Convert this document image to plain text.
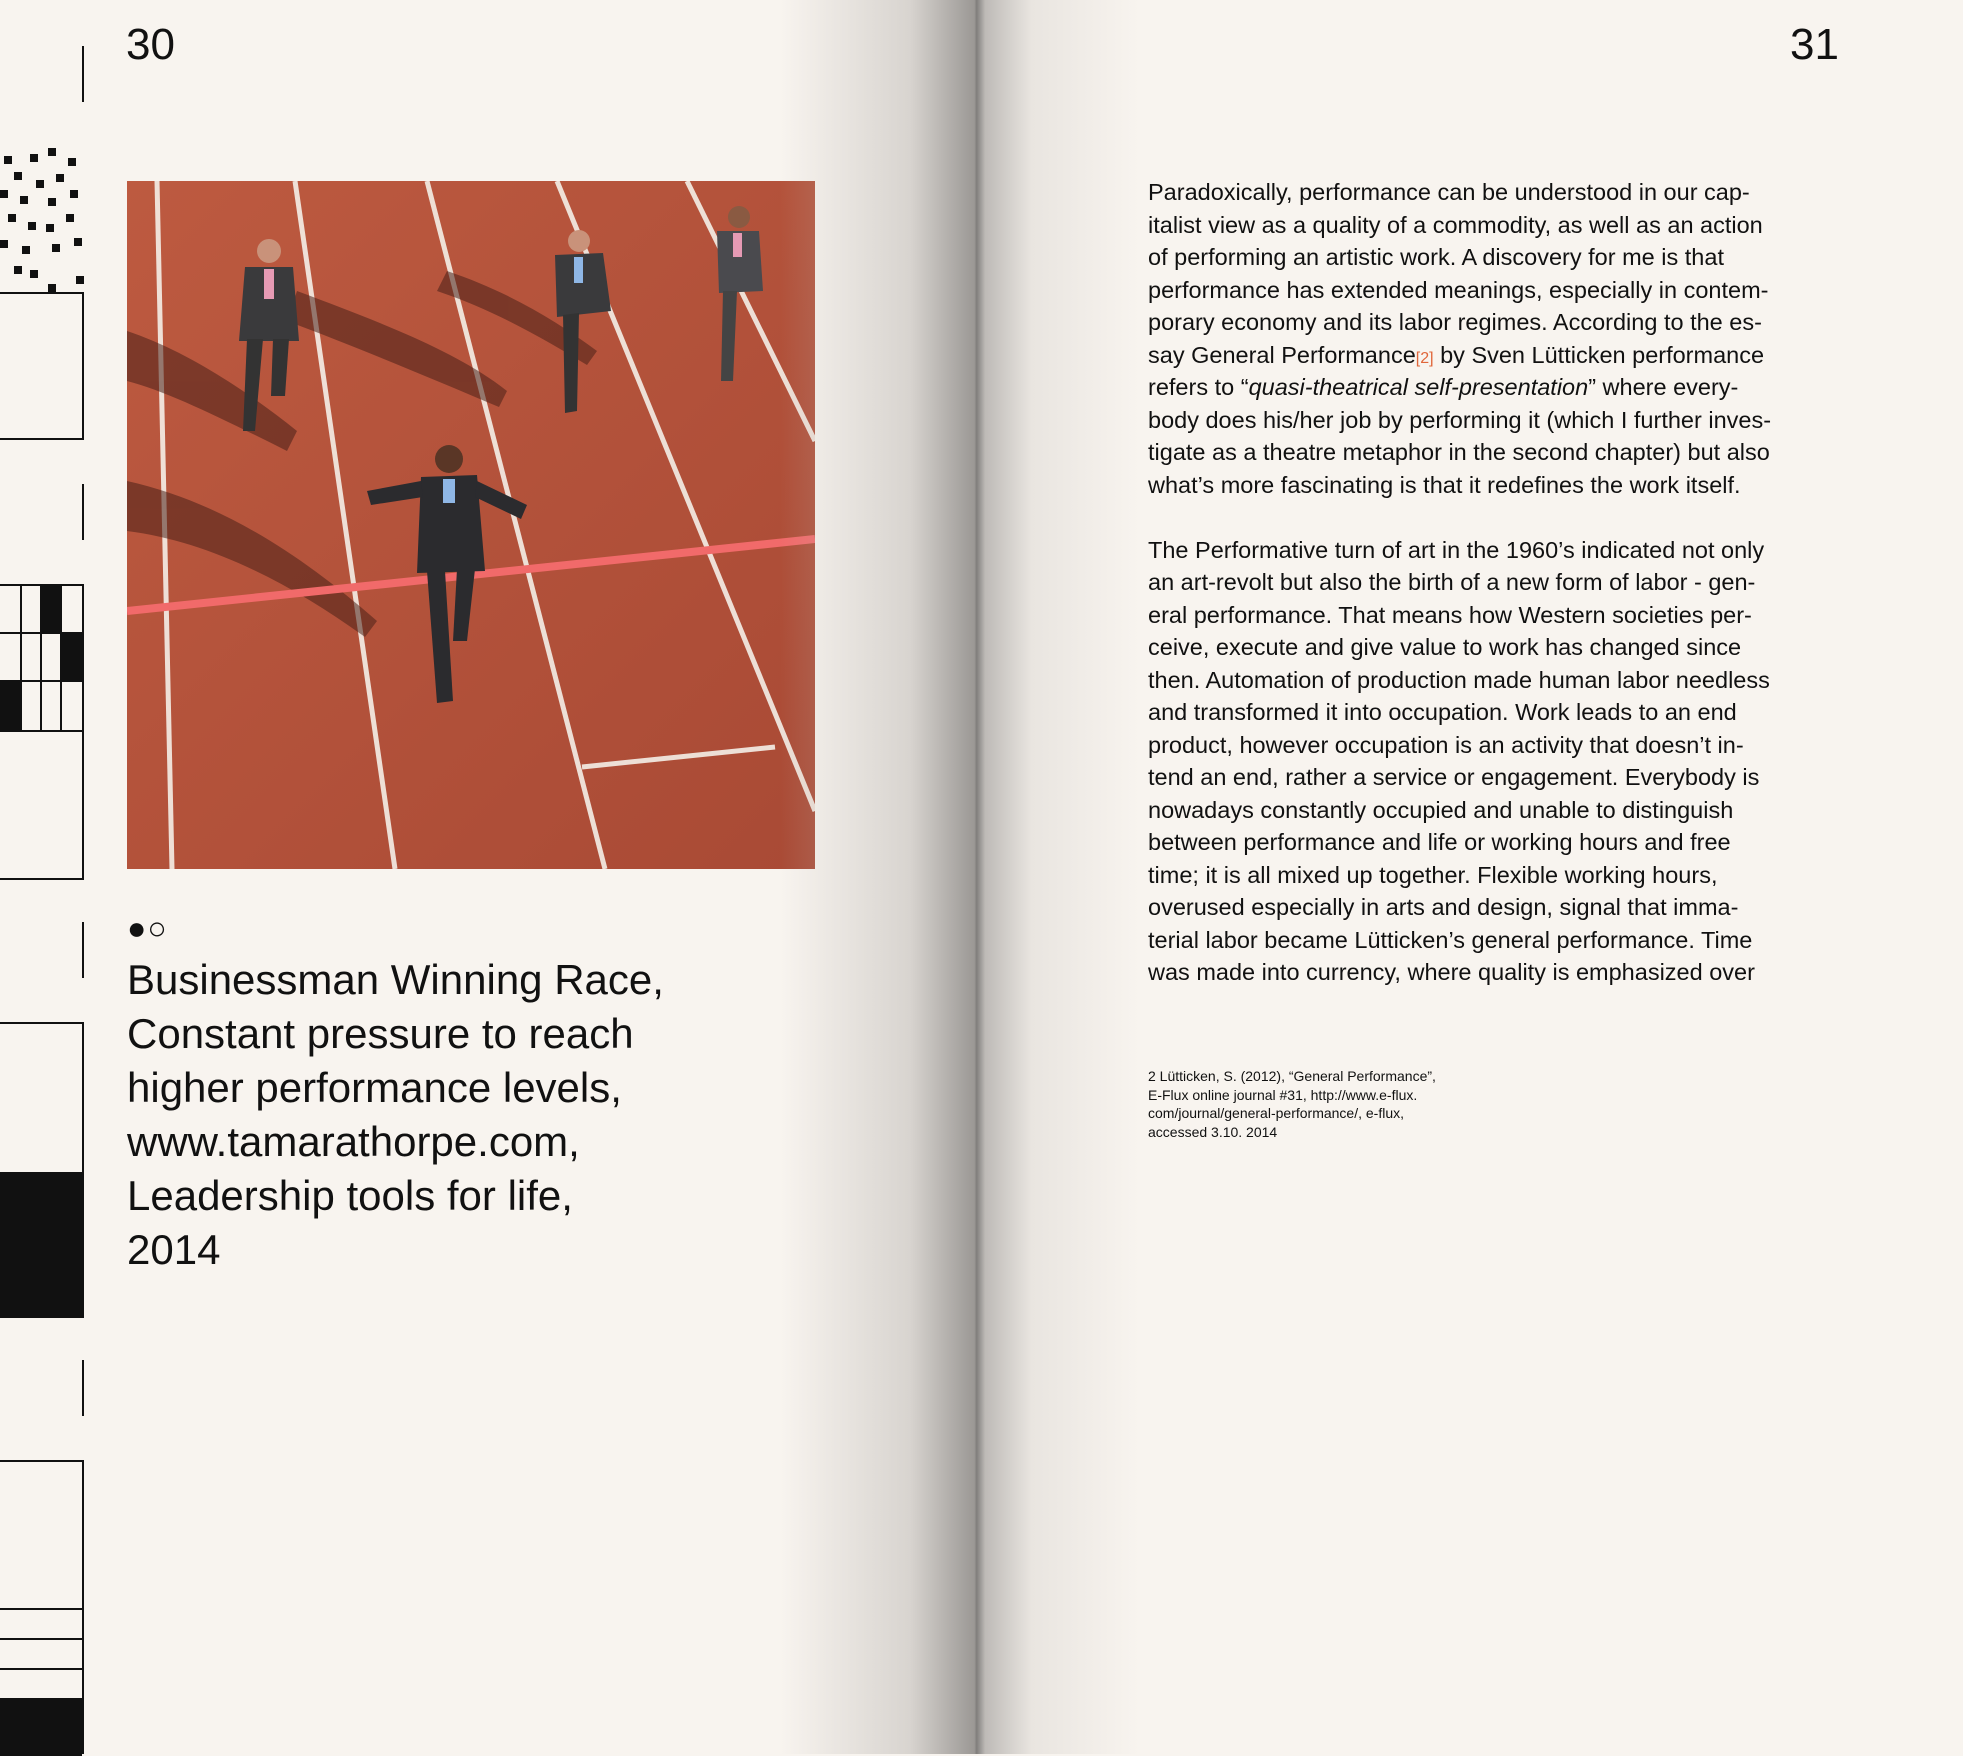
30	31
●○
Businessman Winning Race,
Constant pressure to reach
higher performance levels,
www.tamarathorpe.com,
Leadership tools for life,
2014
Paradoxically, performance can be understood in our cap-
italist view as a quality of a commodity, as well as an action
of performing an artistic work. A discovery for me is that
performance has extended meanings, especially in contem-
porary economy and its labor regimes. According to the es-
say General Performance[2] by Sven Lütticken performance
refers to “quasi-theatrical self-presentation” where every-
body does his/her job by performing it (which I further inves-
tigate as a theatre metaphor in the second chapter) but also
what’s more fascinating is that it redefines the work itself.
The Performative turn of art in the 1960’s indicated not only
an art-revolt but also the birth of a new form of labor - gen-
eral performance. That means how Western societies per-
ceive, execute and give value to work has changed since
then. Automation of production made human labor needless
and transformed it into occupation. Work leads to an end
product, however occupation is an activity that doesn’t in-
tend an end, rather a service or engagement. Everybody is
nowadays constantly occupied and unable to distinguish
between performance and life or working hours and free
time; it is all mixed up together. Flexible working hours,
overused especially in arts and design, signal that imma-
terial labor became Lütticken’s general performance. Time
was made into currency, where quality is emphasized over
2 Lütticken, S. (2012), “General Performance”,
E-Flux online journal #31, http://www.e-flux.
com/journal/general-performance/, e-flux,
accessed 3.10. 2014
